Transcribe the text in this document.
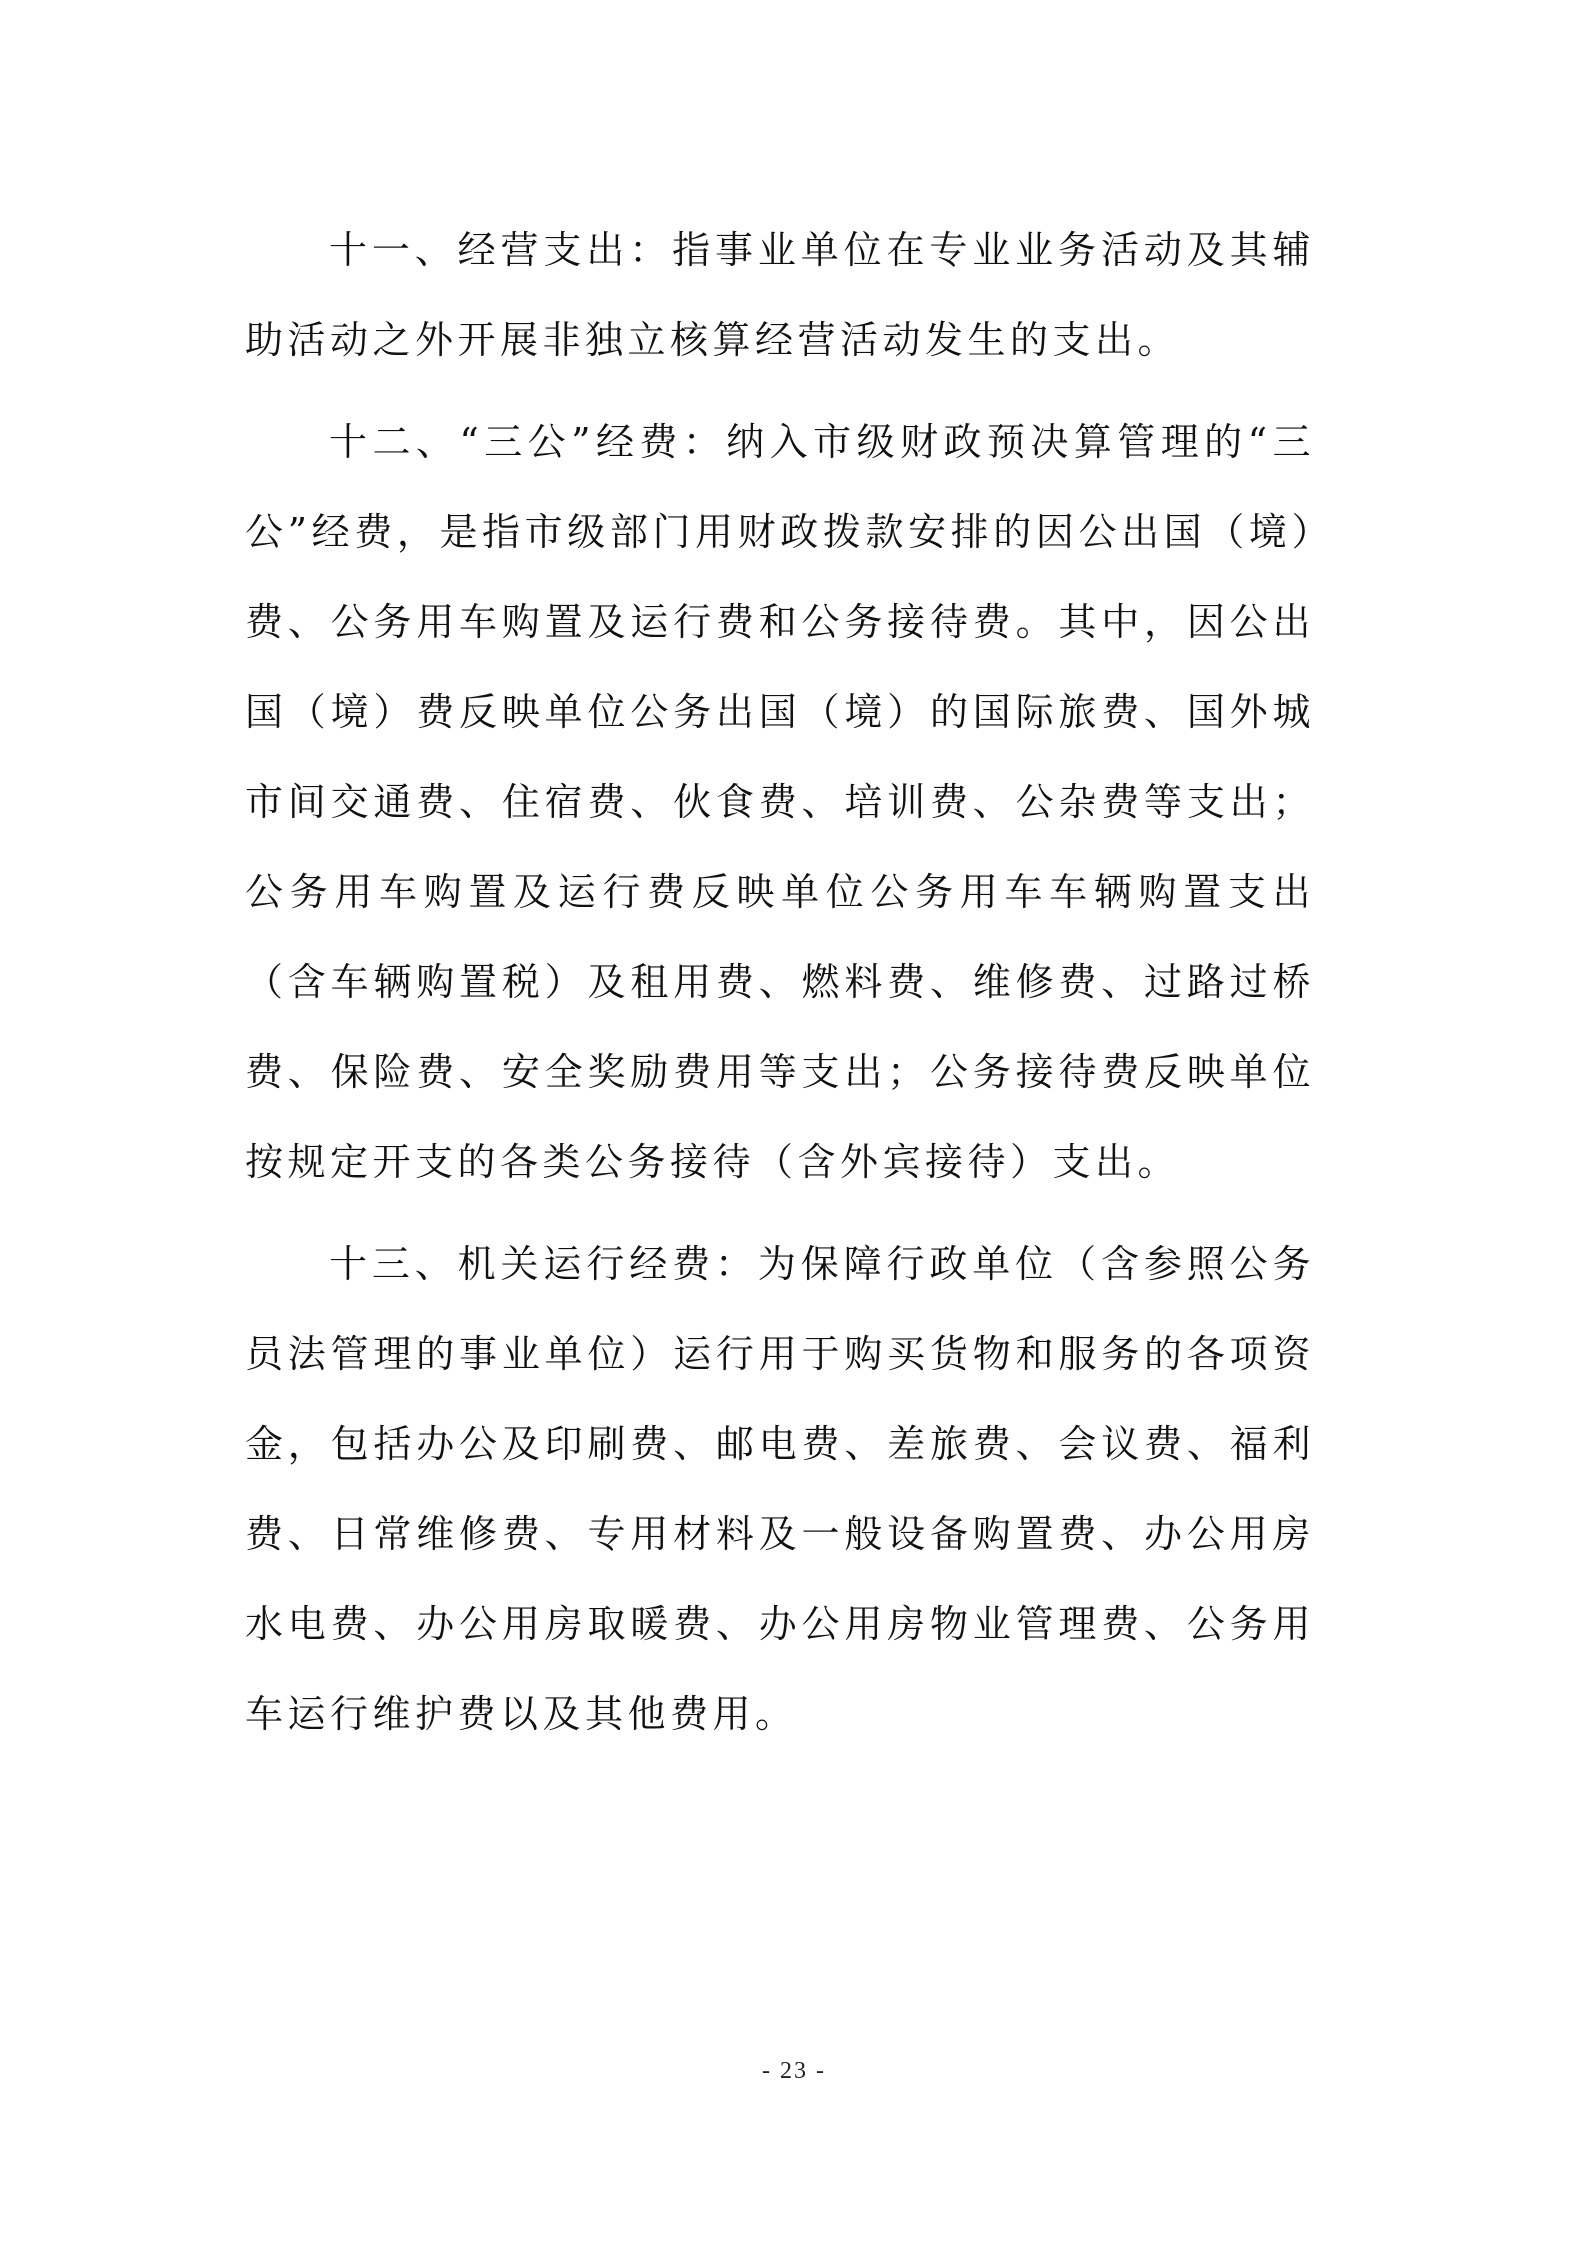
十一、经营支出：指事业单位在专业业务活动及其辅助活动之外开展非独立核算经营活动发生的支出。

十二、“三公”经费：纳入市级财政预决算管理的“三公”经费，是指市级部门用财政拨款安排的因公出国（境）费、公务用车购置及运行费和公务接待费。其中，因公出国（境）费反映单位公务出国（境）的国际旅费、国外城市间交通费、住宿费、伙食费、培训费、公杂费等支出；公务用车购置及运行费反映单位公务用车车辆购置支出（含车辆购置税）及租用费、燃料费、维修费、过路过桥费、保险费、安全奖励费用等支出；公务接待费反映单位按规定开支的各类公务接待（含外宾接待）支出。

十三、机关运行经费：为保障行政单位（含参照公务员法管理的事业单位）运行用于购买货物和服务的各项资金，包括办公及印刷费、邮电费、差旅费、会议费、福利费、日常维修费、专用材料及一般设备购置费、办公用房水电费、办公用房取暖费、办公用房物业管理费、公务用车运行维护费以及其他费用。

- 23 -
